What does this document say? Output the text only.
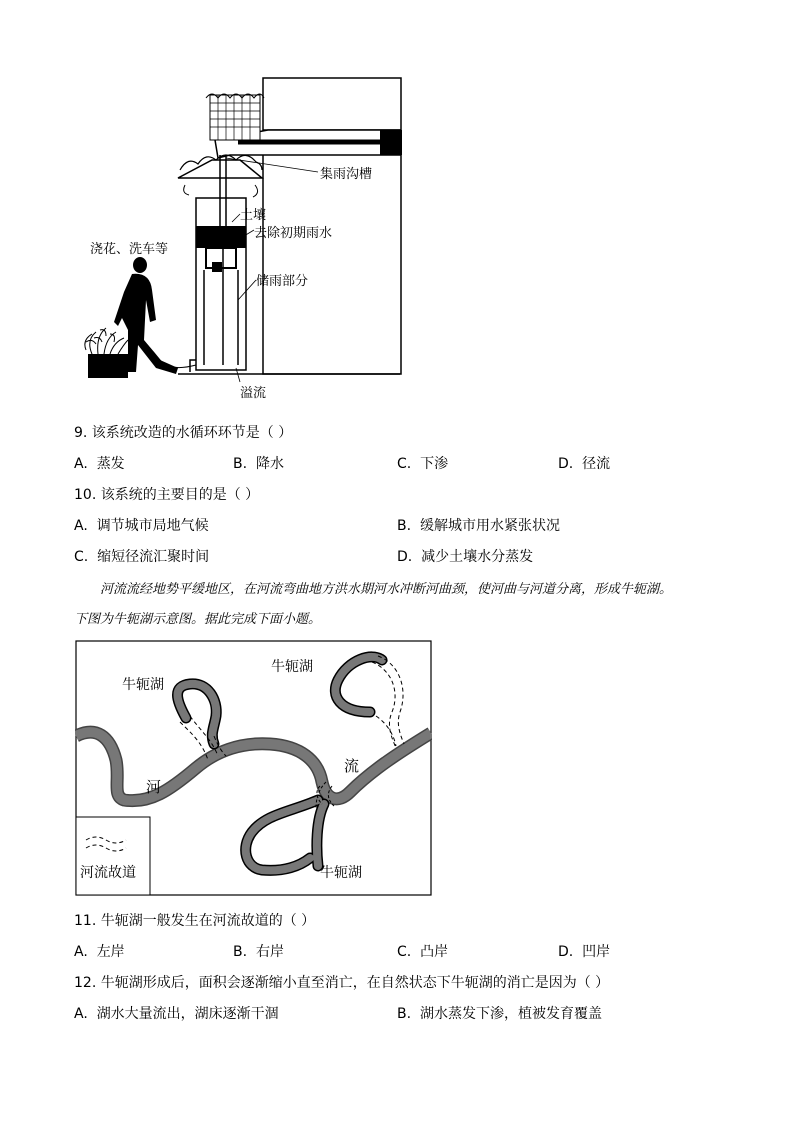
集雨沟槽
土壤
去除初期雨水
浇花、洗车等
储雨部分
溢流
9. 该系统改造的水循环环节是（ ）
A. 蒸发	B. 降水	C. 下渗	D. 径流
10. 该系统的主要目的是（ ）
A. 调节城市局地气候	B. 缓解城市用水紧张状况
C. 缩短径流汇聚时间	D. 减少土壤水分蒸发
河流流经地势平缓地区，在河流弯曲地方洪水期河水冲断河曲颈，使河曲与河道分离，形成牛轭湖。
下图为牛轭湖示意图。据此完成下面小题。
牛轭湖
牛轭湖
牛轭湖
河
流
河流故道
11. 牛轭湖一般发生在河流故道的（ ）
A. 左岸	B. 右岸	C. 凸岸	D. 凹岸
12. 牛轭湖形成后，面积会逐渐缩小直至消亡，在自然状态下牛轭湖的消亡是因为（ ）
A. 湖水大量流出，湖床逐渐干涸	B. 湖水蒸发下渗，植被发育覆盖
